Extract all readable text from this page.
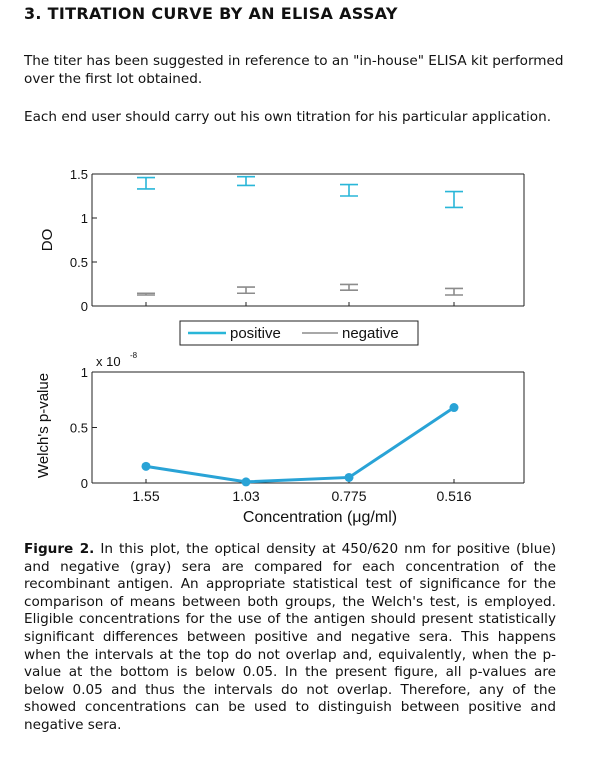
3. TITRATION CURVE BY AN ELISA ASSAY

The titer has been suggested in reference to an "in-house" ELISA kit performed over the first lot obtained.

Each end user should carry out his own titration for his particular application.

0
0.5
1
1.5
DO
positive	negative
0
0.5
1
x 10 -8
1.55	1.03	0.775	0.516
Concentration (μg/ml)
Welch's p-value

Figure 2. In this plot, the optical density at 450/620 nm for positive (blue) and negative (gray) sera are compared for each concentration of the recombinant antigen. An appropriate statistical test of significance for the comparison of means between both groups, the Welch's test, is employed. Eligible concentrations for the use of the antigen should present statistically significant differences between positive and negative sera. This happens when the intervals at the top do not overlap and, equivalently, when the p-value at the bottom is below 0.05. In the present figure, all p-values are below 0.05 and thus the intervals do not overlap. Therefore, any of the showed concentrations can be used to distinguish between positive and negative sera.
